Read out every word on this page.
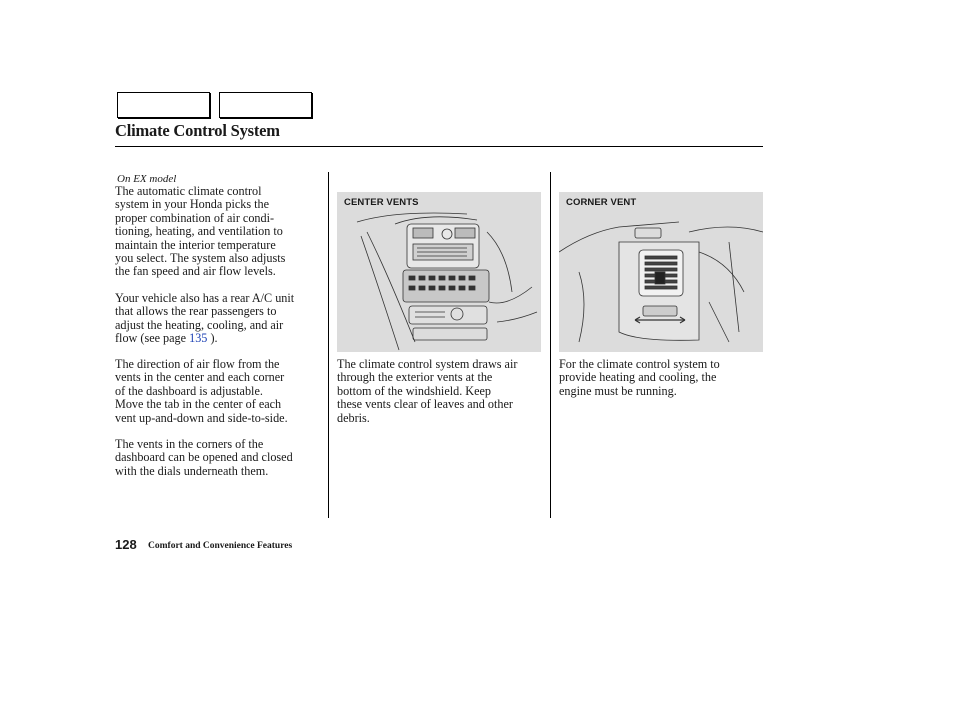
Climate Control System
On EX model
The automatic climate control
system in your Honda picks the
proper combination of air condi-
tioning, heating, and ventilation to
maintain the interior temperature
you select. The system also adjusts
the fan speed and air flow levels.
Your vehicle also has a rear A/C unit
that allows the rear passengers to
adjust the heating, cooling, and air
flow (see page 135 ).
The direction of air flow from the
vents in the center and each corner
of the dashboard is adjustable.
Move the tab in the center of each
vent up-and-down and side-to-side.
The vents in the corners of the
dashboard can be opened and closed
with the dials underneath them.
CENTER VENTS
The climate control system draws air
through the exterior vents at the
bottom of the windshield. Keep
these vents clear of leaves and other
debris.
CORNER VENT
For the climate control system to
provide heating and cooling, the
engine must be running.
128 Comfort and Convenience Features
